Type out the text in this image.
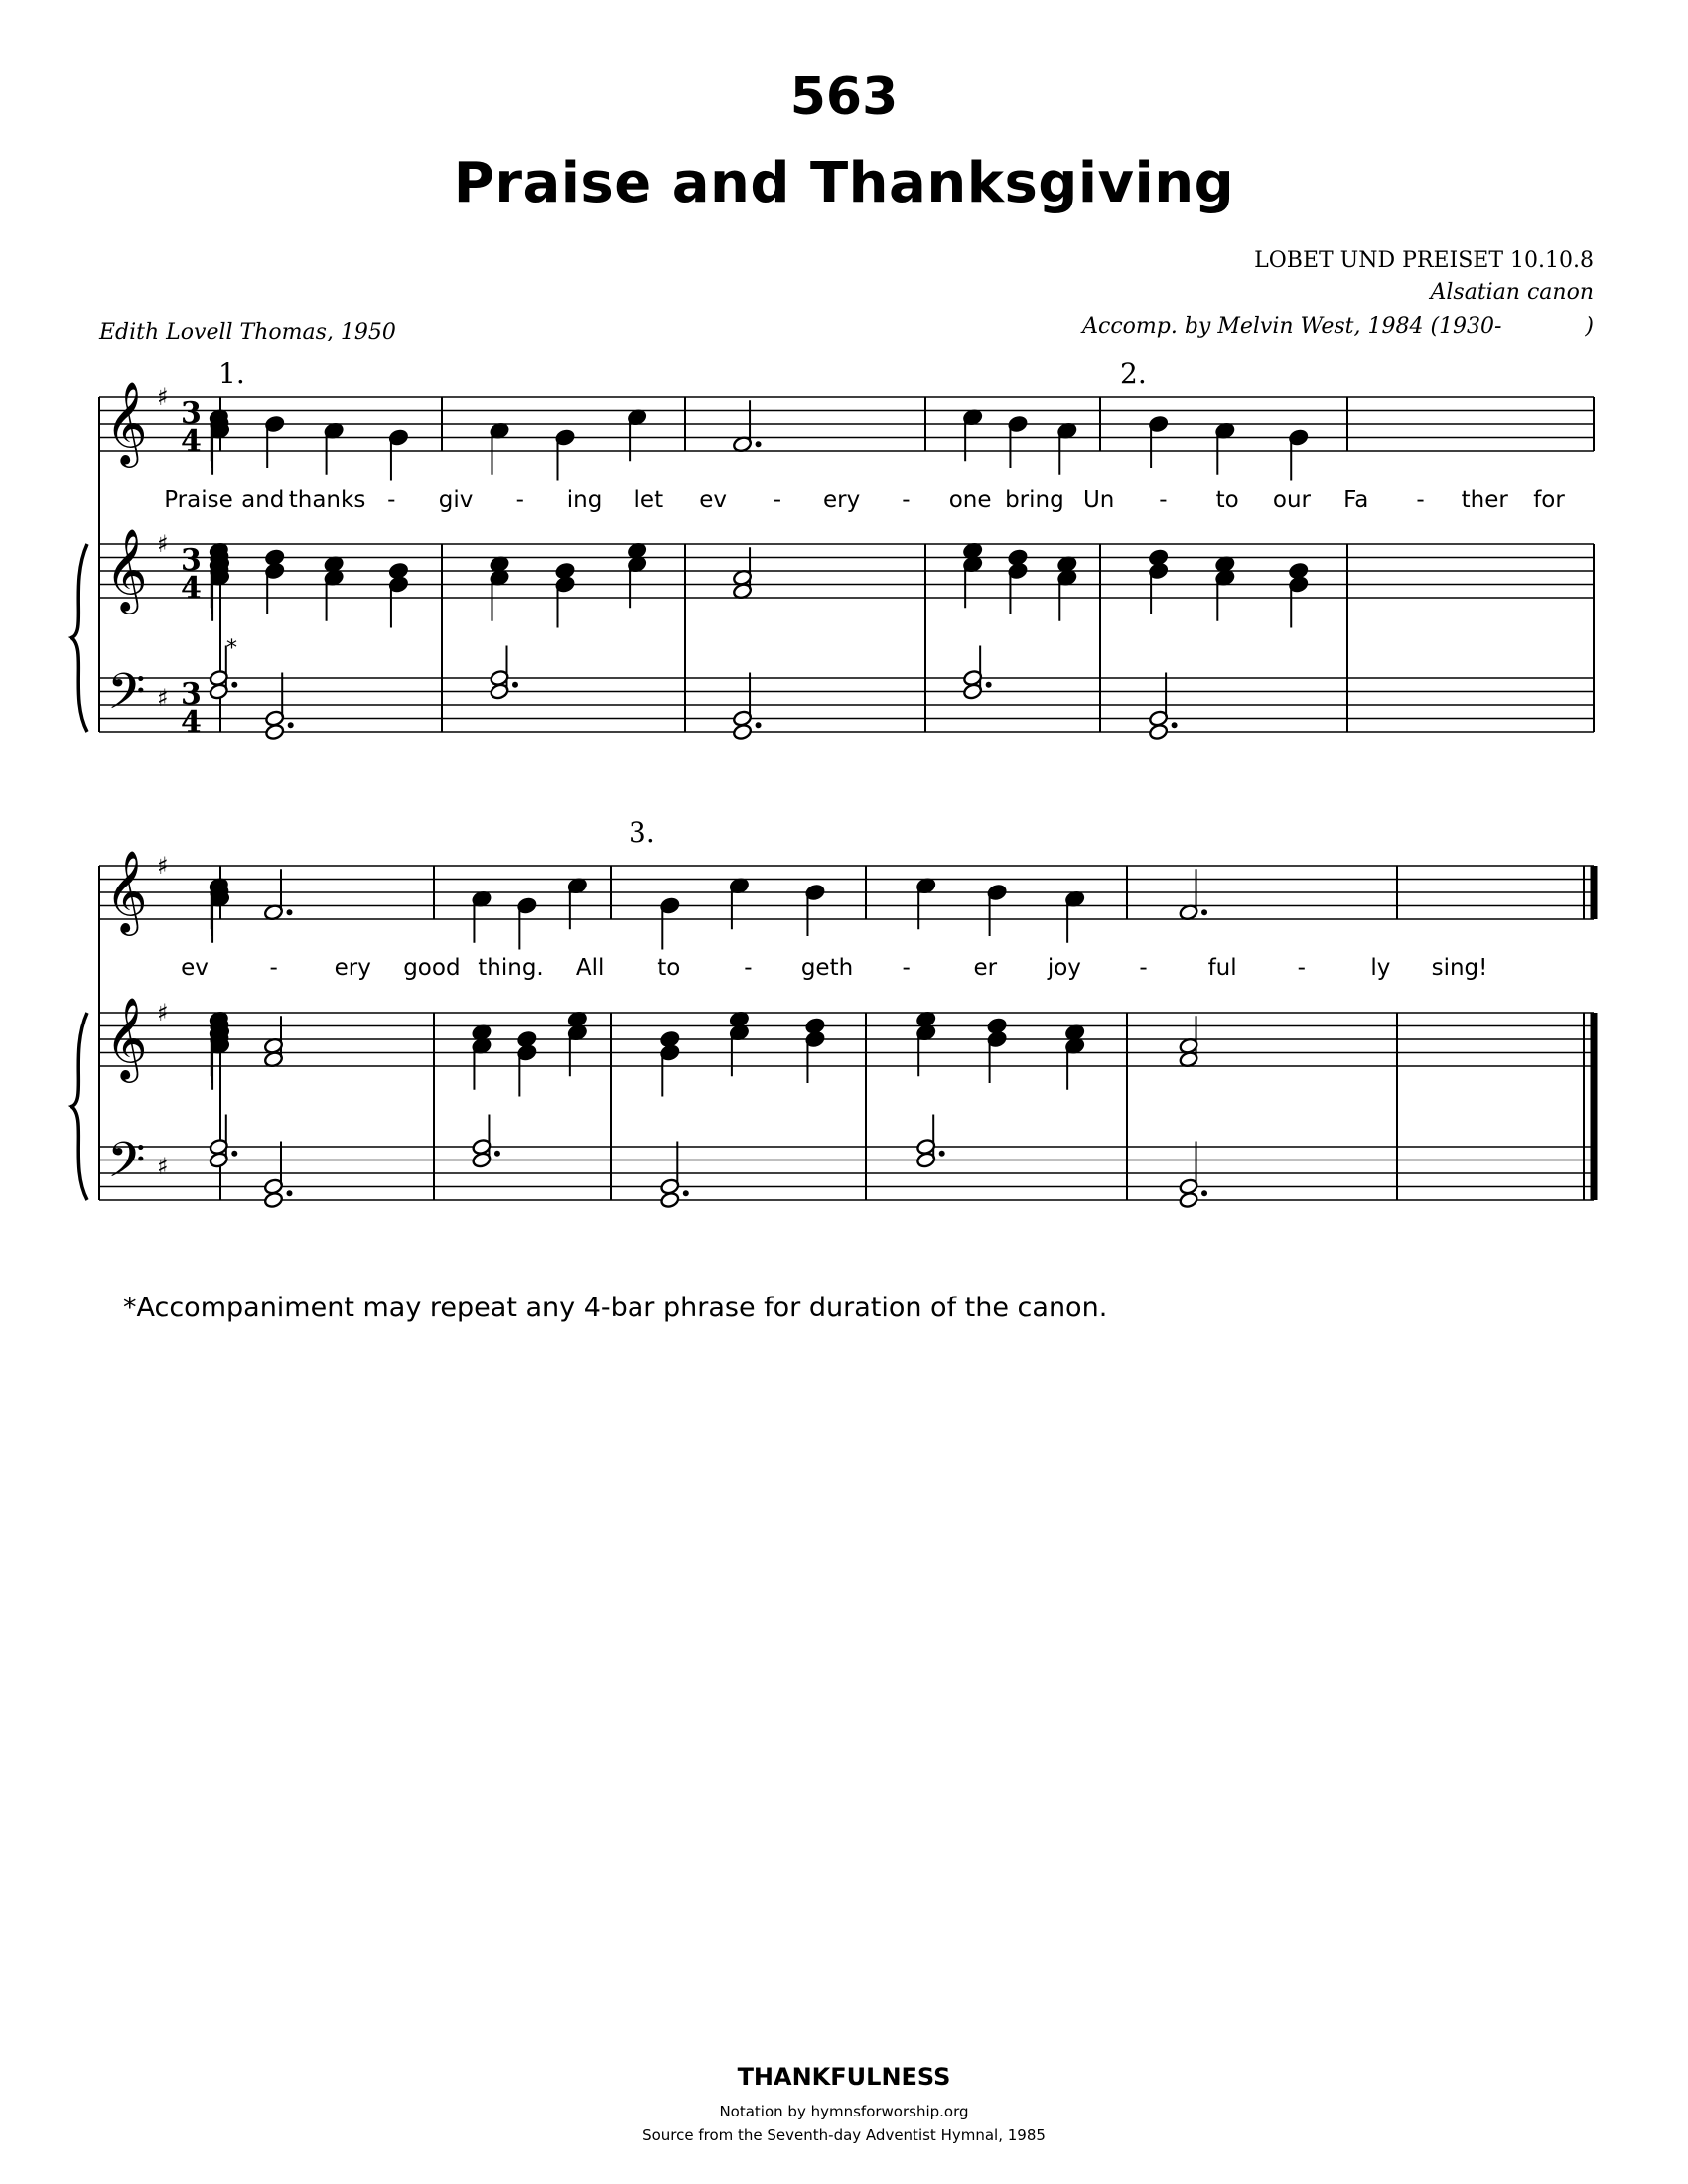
563
Praise and Thanksgiving
LOBET UND PREISET 10.10.8
Alsatian canon
Accomp. by Melvin West, 1984 (1930-            )
Edith Lovell Thomas, 1950
𝄞
𝄞
𝄢
♯
♯
♯
3
4
3
4
3
4
Praise and thanks - giv - ing let ev - ery - one bring Un - to our Fa - ther for
𝄞
𝄞
𝄢
♯
♯
♯
ev	- ery good thing. All to	- geth -	er joy	-	ful	-	ly sing!
1.	2.
3.
*
*Accompaniment may repeat any 4-bar phrase for duration of the canon.
THANKFULNESS
Notation by hymnsforworship.org
Source from the Seventh-day Adventist Hymnal, 1985
